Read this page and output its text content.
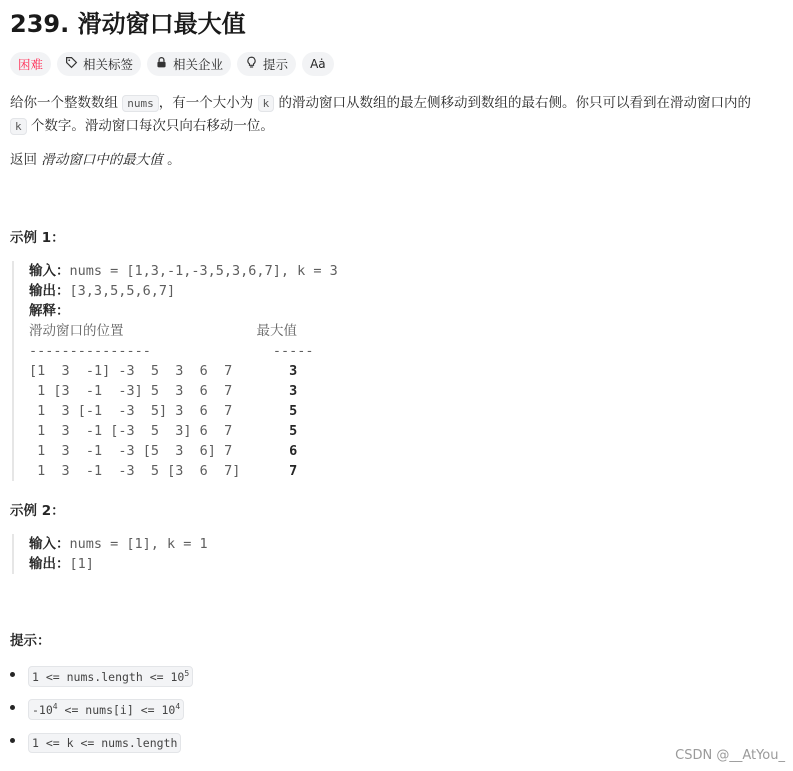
239. 滑动窗口最大值
困难	相关标签	相关企业	提示 Aȧ
给你一个整数数组 nums ，有一个大小为 k 的滑动窗口从数组的最左侧移动到数组的最右侧。你只可以看到在滑动窗口内的
k 个数字。滑动窗口每次只向右移动一位。
返回 滑动窗口中的最大值 。
示例 1：
输入：nums = [1,3,-1,-3,5,3,6,7], k = 3
输出：[3,3,5,5,6,7]
解释：
滑动窗口的位置	最大值
---------------	-----
[1  3  -1] -3  5  3  6  7	3
1 [3  -1  -3] 5  3  6  7	3
1  3 [-1  -3  5] 3  6  7	5
1  3  -1 [-3  5  3] 6  7	5
1  3  -1  -3 [5  3  6] 7	6
1  3  -1  -3  5 [3  6  7]	7
示例 2：
输入：nums = [1], k = 1
输出：[1]
提示：
1 <= nums.length <= $10^5$
$-10^4$ <= nums[i] <= $10^4$
1 <= k <= nums.length
CSDN @__AtYou_
